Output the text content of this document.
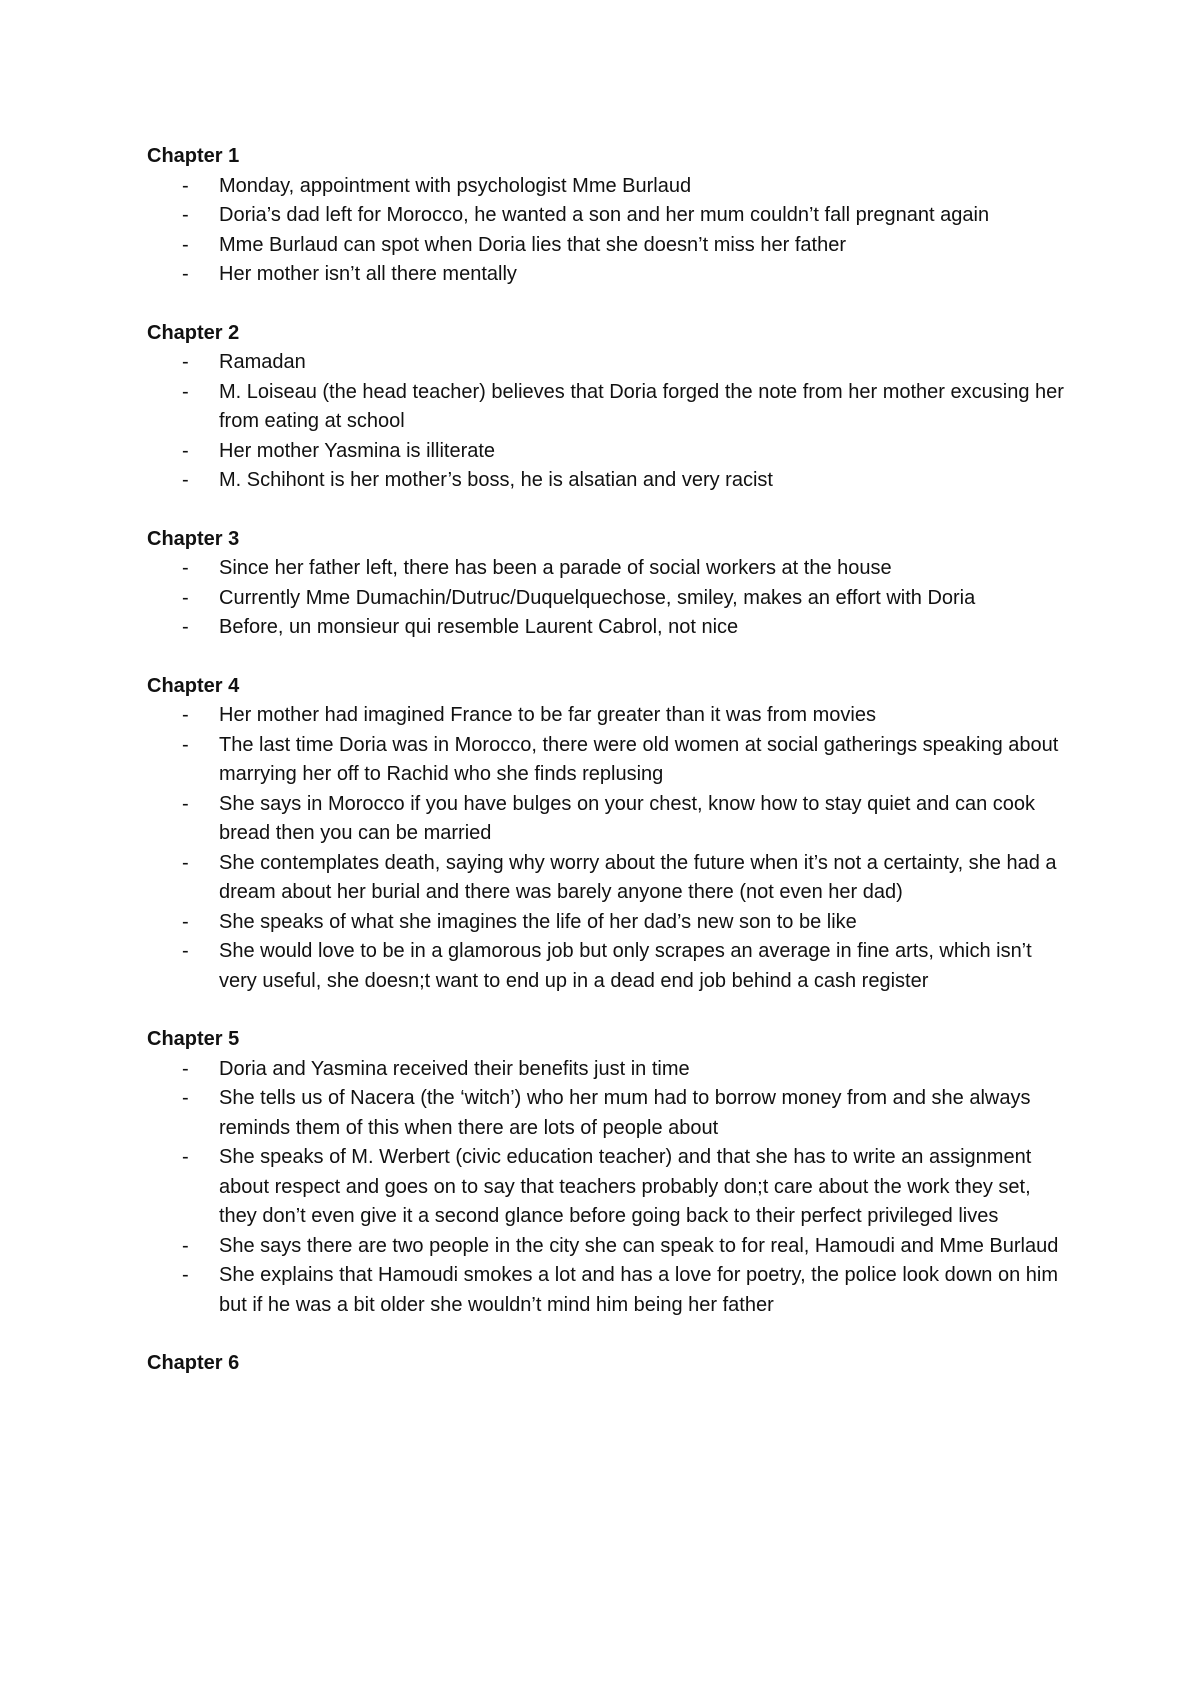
Chapter 1
- Monday, appointment with psychologist Mme Burlaud
- Doria’s dad left for Morocco, he wanted a son and her mum couldn’t fall pregnant again
- Mme Burlaud can spot when Doria lies that she doesn’t miss her father
- Her mother isn’t all there mentally
Chapter 2
- Ramadan
- M. Loiseau (the head teacher) believes that Doria forged the note from her mother excusing her from eating at school
- Her mother Yasmina is illiterate
- M. Schihont is her mother’s boss, he is alsatian and very racist
Chapter 3
- Since her father left, there has been a parade of social workers at the house
- Currently Mme Dumachin/Dutruc/Duquelquechose, smiley, makes an effort with Doria
- Before, un monsieur qui resemble Laurent Cabrol, not nice
Chapter 4
- Her mother had imagined France to be far greater than it was from movies
- The last time Doria was in Morocco, there were old women at social gatherings speaking about marrying her off to Rachid who she finds replusing
- She says in Morocco if you have bulges on your chest, know how to stay quiet and can cook bread then you can be married
- She contemplates death, saying why worry about the future when it’s not a certainty, she had a dream about her burial and there was barely anyone there (not even her dad)
- She speaks of what she imagines the life of her dad’s new son to be like
- She would love to be in a glamorous job but only scrapes an average in fine arts, which isn’t very useful, she doesn;t want to end up in a dead end job behind a cash register
Chapter 5
- Doria and Yasmina received their benefits just in time
- She tells us of Nacera (the ‘witch’) who her mum had to borrow money from and she always reminds them of this when there are lots of people about
- She speaks of M. Werbert (civic education teacher) and that she has to write an assignment about respect and goes on to say that teachers probably don;t care about the work they set, they don’t even give it a second glance before going back to their perfect privileged lives
- She says there are two people in the city she can speak to for real, Hamoudi and Mme Burlaud
- She explains that Hamoudi smokes a lot and has a love for poetry, the police look down on him but if he was a bit older she wouldn’t mind him being her father
Chapter 6
